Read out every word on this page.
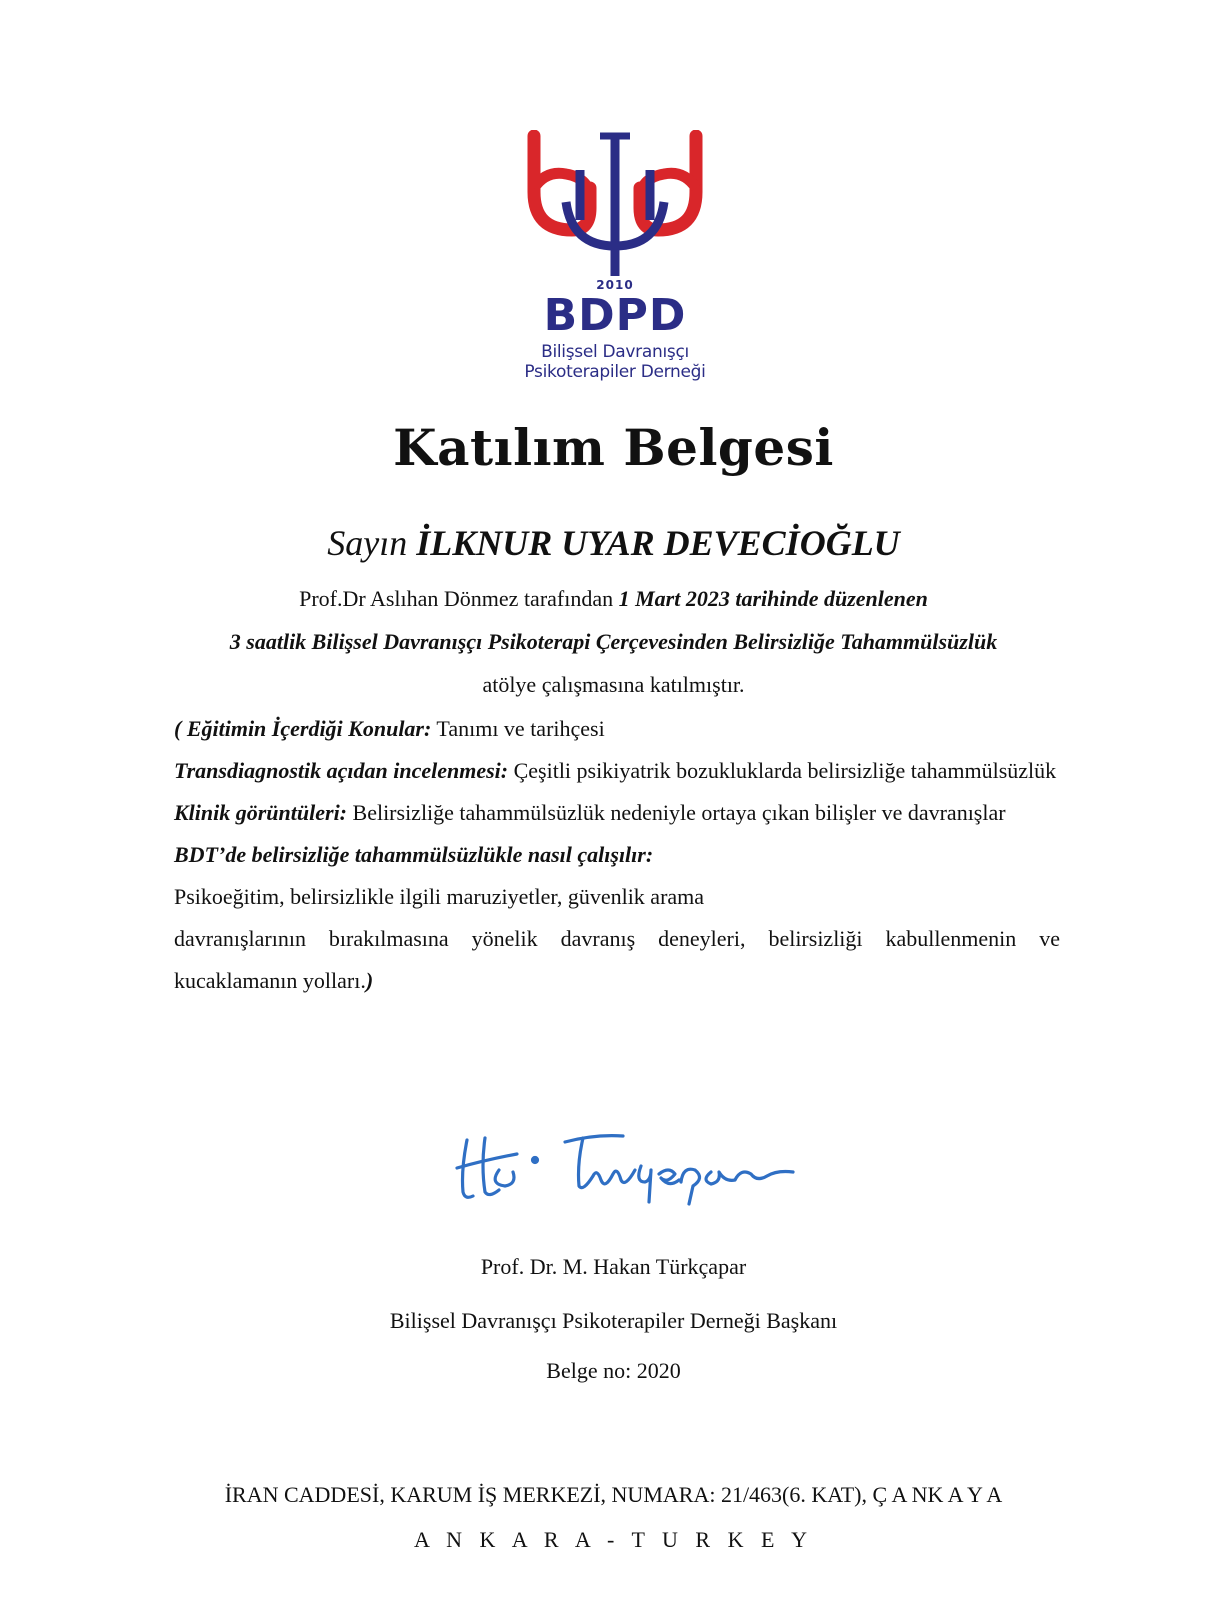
2010
BDPD
Bilişsel Davranışçı
Psikoterapiler Derneği
Katılım Belgesi
Sayın İLKNUR UYAR DEVECİOĞLU
Prof.Dr Aslıhan Dönmez tarafından 1 Mart 2023 tarihinde düzenlenen
3 saatlik Bilişsel Davranışçı Psikoterapi Çerçevesinden Belirsizliğe Tahammülsüzlük
atölye çalışmasına katılmıştır.

( Eğitimin İçerdiği Konular: Tanımı ve tarihçesi

Transdiagnostik açıdan incelenmesi: Çeşitli psikiyatrik bozukluklarda belirsizliğe tahammülsüzlük

Klinik görüntüleri: Belirsizliğe tahammülsüzlük nedeniyle ortaya çıkan bilişler ve davranışlar

BDT’de belirsizliğe tahammülsüzlükle nasıl çalışılır:

Psikoeğitim, belirsizlikle ilgili maruziyetler, güvenlik arama

davranışlarının bırakılmasına yönelik davranış deneyleri, belirsizliği kabullenmenin ve kucaklamanın yolları.)

Prof. Dr. M. Hakan Türkçapar
Bilişsel Davranışçı Psikoterapiler Derneği Başkanı
Belge no: 2020
İRAN CADDESİ, KARUM İŞ MERKEZİ, NUMARA: 21/463(6. KAT), Ç A NK A Y A
A N K A R A - T U R K E Y
